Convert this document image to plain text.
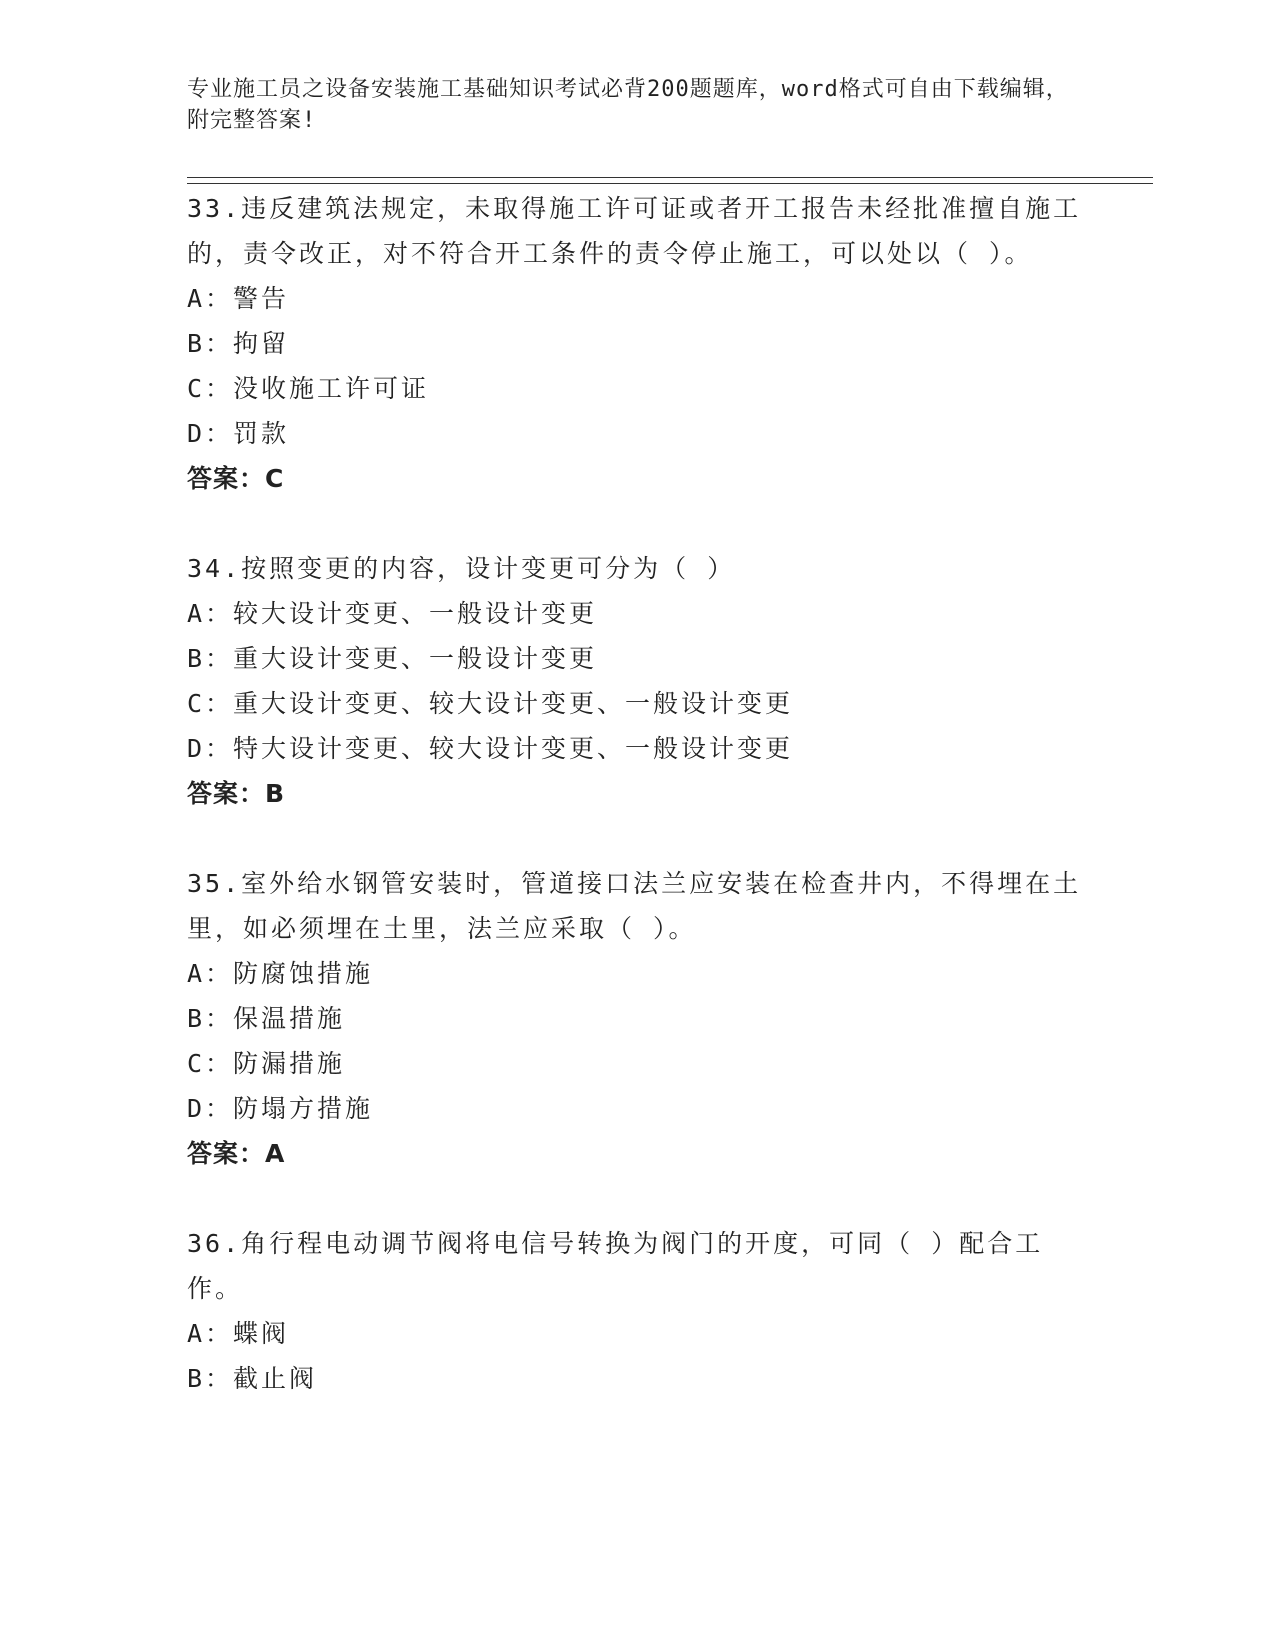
专业施工员之设备安装施工基础知识考试必背200题题库，word格式可自由下载编辑，附完整答案!

33.违反建筑法规定，未取得施工许可证或者开工报告未经批准擅自施工的，责令改正，对不符合开工条件的责令停止施工，可以处以（ ）。

A：警告

B：拘留

C：没收施工许可证

D：罚款

答案：C

34.按照变更的内容，设计变更可分为（ ）

A：较大设计变更、一般设计变更

B：重大设计变更、一般设计变更

C：重大设计变更、较大设计变更、一般设计变更

D：特大设计变更、较大设计变更、一般设计变更

答案：B

35.室外给水钢管安装时，管道接口法兰应安装在检查井内，不得埋在土里，如必须埋在土里，法兰应采取（ ）。

A：防腐蚀措施

B：保温措施

C：防漏措施

D：防塌方措施

答案：A

36.角行程电动调节阀将电信号转换为阀门的开度，可同（ ）配合工作。

A：蝶阀

B：截止阀
